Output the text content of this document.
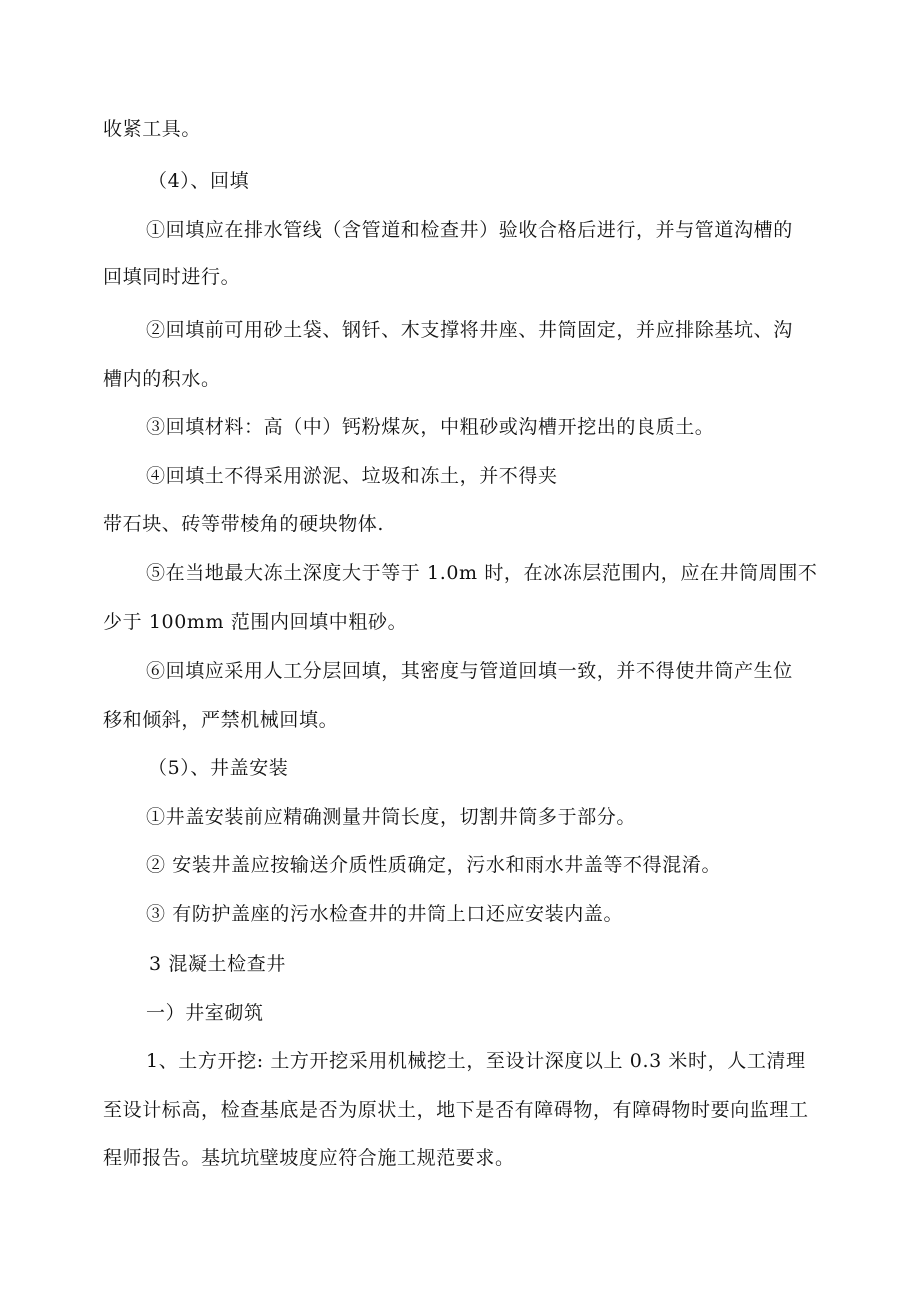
收紧工具。
（4）、回填
①回填应在排水管线（含管道和检查井）验收合格后进行，并与管道沟槽的
回填同时进行。
②回填前可用砂土袋、钢钎、木支撑将井座、井筒固定，并应排除基坑、沟
槽内的积水。
③回填材料：高（中）钙粉煤灰，中粗砂或沟槽开挖出的良质土。
④回填土不得采用淤泥、垃圾和冻土，并不得夹
带石块、砖等带棱角的硬块物体.
⑤在当地最大冻土深度大于等于 1.0m 时，在冰冻层范围内，应在井筒周围不
少于 100mm 范围内回填中粗砂。
⑥回填应采用人工分层回填，其密度与管道回填一致，并不得使井筒产生位
移和倾斜，严禁机械回填。
（5）、井盖安装
①井盖安装前应精确测量井筒长度，切割井筒多于部分。
② 安装井盖应按输送介质性质确定，污水和雨水井盖等不得混淆。
③ 有防护盖座的污水检查井的井筒上口还应安装内盖。
3 混凝土检查井
一）井室砌筑
1、土方开挖: 土方开挖采用机械挖土，至设计深度以上 0.3 米时，人工清理
至设计标高，检查基底是否为原状土，地下是否有障碍物，有障碍物时要向监理工
程师报告。基坑坑壁坡度应符合施工规范要求。
